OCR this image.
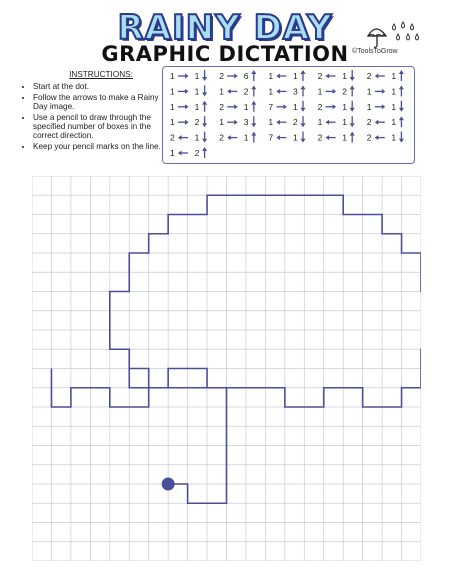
RAINY DAY
GRAPHIC DICTATION ©ToolsToGrow
INSTRUCTIONS:
• Start at the dot.
• Follow the arrows to make a Rainy Day image.
• Use a pencil to draw through the specified number of boxes in the correct direction.
• Keep your pencil marks on the line.
1 1 2 6 1 1 2 1 2 1
1 1 1 2 1 3 1 2 1 1
1 1 2 1 7 1 2 1 1 1
1 2 1 3 1 2 1 1 2 1
2 1 2 1 7 1 2 1 2 1
1 2
